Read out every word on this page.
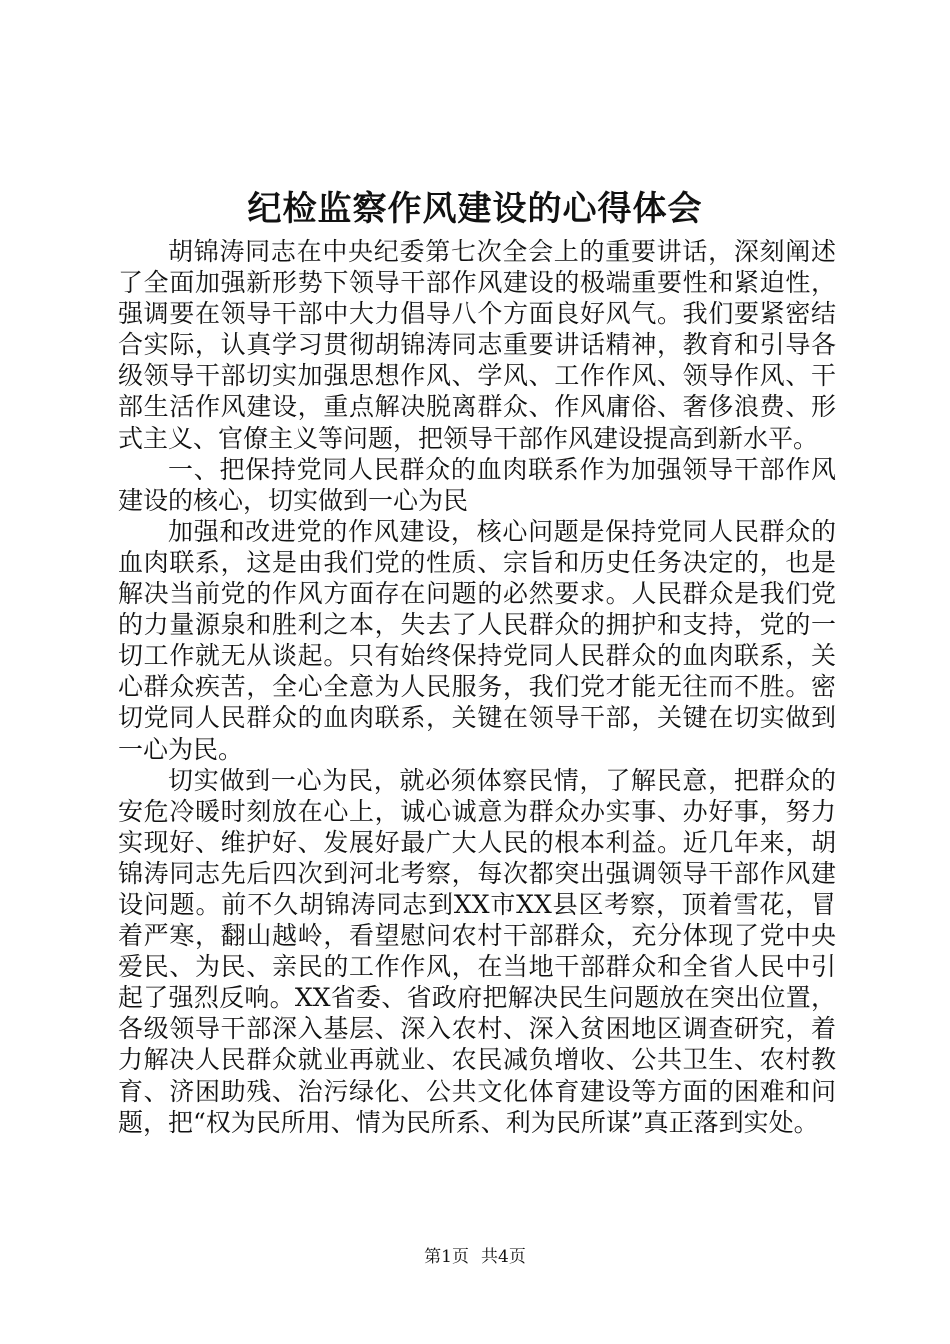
纪检监察作风建设的心得体会

胡锦涛同志在中央纪委第七次全会上的重要讲话，深刻阐述了全面加强新形势下领导干部作风建设的极端重要性和紧迫性，强调要在领导干部中大力倡导八个方面良好风气。我们要紧密结合实际，认真学习贯彻胡锦涛同志重要讲话精神，教育和引导各级领导干部切实加强思想作风、学风、工作作风、领导作风、干部生活作风建设，重点解决脱离群众、作风庸俗、奢侈浪费、形式主义、官僚主义等问题，把领导干部作风建设提高到新水平。

一、把保持党同人民群众的血肉联系作为加强领导干部作风建设的核心，切实做到一心为民

加强和改进党的作风建设，核心问题是保持党同人民群众的血肉联系，这是由我们党的性质、宗旨和历史任务决定的，也是解决当前党的作风方面存在问题的必然要求。人民群众是我们党的力量源泉和胜利之本，失去了人民群众的拥护和支持，党的一切工作就无从谈起。只有始终保持党同人民群众的血肉联系，关心群众疾苦，全心全意为人民服务，我们党才能无往而不胜。密切党同人民群众的血肉联系，关键在领导干部，关键在切实做到一心为民。

切实做到一心为民，就必须体察民情，了解民意，把群众的安危冷暖时刻放在心上，诚心诚意为群众办实事、办好事，努力实现好、维护好、发展好最广大人民的根本利益。近几年来，胡锦涛同志先后四次到河北考察，每次都突出强调领导干部作风建设问题。前不久胡锦涛同志到XX市XX县区考察，顶着雪花，冒着严寒，翻山越岭，看望慰问农村干部群众，充分体现了党中央爱民、为民、亲民的工作作风，在当地干部群众和全省人民中引起了强烈反响。XX省委、省政府把解决民生问题放在突出位置，各级领导干部深入基层、深入农村、深入贫困地区调查研究，着力解决人民群众就业再就业、农民减负增收、公共卫生、农村教育、济困助残、治污绿化、公共文化体育建设等方面的困难和问题，把“权为民所用、情为民所系、利为民所谋”真正落到实处。

第1页 共4页
